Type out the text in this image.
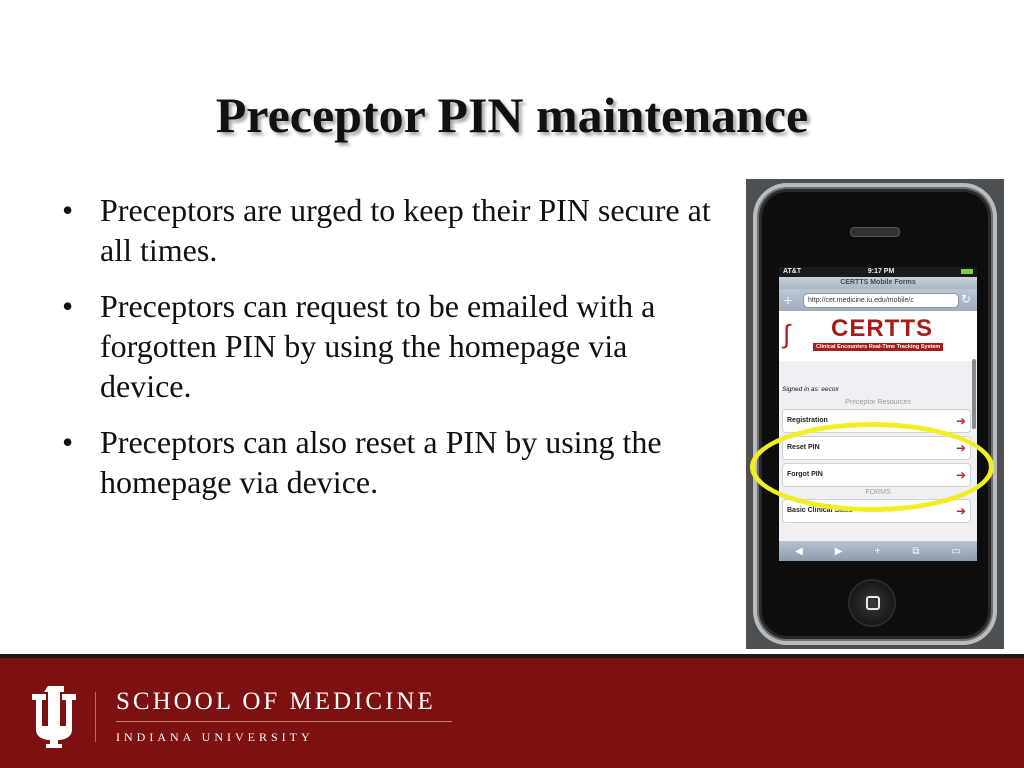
Preceptor PIN maintenance
• Preceptors are urged to keep their PIN secure at all times.
• Preceptors can request to be emailed with a forgotten PIN by using the homepage via device.
• Preceptors can also reset a PIN by using the homepage via device.
AT&T	9:17 PM
CERTTS Mobile Forms
+	http://cet.medicine.iu.edu/mobile/c	↻
∫ CERTTS
Clinical Encounters Real-Time Tracking System
Signed in as: eecox
Preceptor Resources
Registration	➜
Reset PIN	➜
Forgot PIN	➜
FORMS
Basic Clinical Skills	➜
◀	▶	+	⧉	▭
SCHOOL OF MEDICINE
INDIANA UNIVERSITY
